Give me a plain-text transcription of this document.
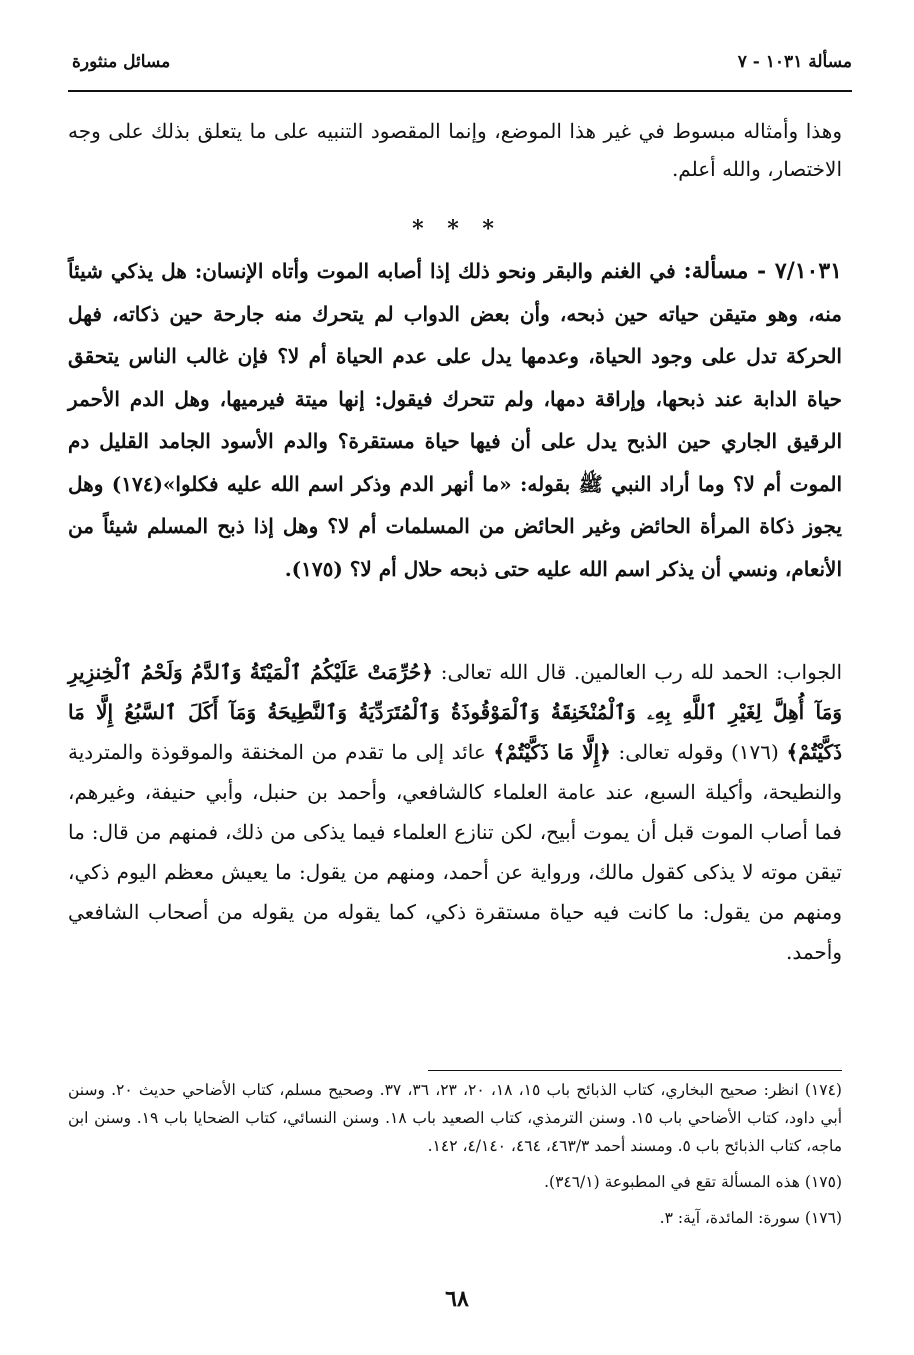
مسألة ١٠٣١ - ٧
مسائل منثورة

وهذا وأمثاله مبسوط في غير هذا الموضع، وإنما المقصود التنبيه على ما يتعلق بذلك على وجه الاختصار، والله أعلم.

* * *

٧/١٠٣١ - مسألة: في الغنم والبقر ونحو ذلك إذا أصابه الموت وأتاه الإنسان: هل يذكي شيئاً منه، وهو متيقن حياته حين ذبحه، وأن بعض الدواب لم يتحرك منه جارحة حين ذكاته، فهل الحركة تدل على وجود الحياة، وعدمها يدل على عدم الحياة أم لا؟ فإن غالب الناس يتحقق حياة الدابة عند ذبحها، وإراقة دمها، ولم تتحرك فيقول: إنها ميتة فيرميها، وهل الدم الأحمر الرقيق الجاري حين الذبح يدل على أن فيها حياة مستقرة؟ والدم الأسود الجامد القليل دم الموت أم لا؟ وما أراد النبي ﷺ بقوله: «ما أنهر الدم وذكر اسم الله عليه فكلوا»(١٧٤) وهل يجوز ذكاة المرأة الحائض وغير الحائض من المسلمات أم لا؟ وهل إذا ذبح المسلم شيئاً من الأنعام، ونسي أن يذكر اسم الله عليه حتى ذبحه حلال أم لا؟ (١٧٥).

الجواب: الحمد لله رب العالمين. قال الله تعالى: ﴿حُرِّمَتْ عَلَيْكُمُ ٱلْمَيْتَةُ وَٱلدَّمُ وَلَحْمُ ٱلْخِنزِيرِ وَمَآ أُهِلَّ لِغَيْرِ ٱللَّهِ بِهِۦ وَٱلْمُنْخَنِقَةُ وَٱلْمَوْقُوذَةُ وَٱلْمُتَرَدِّيَةُ وَٱلنَّطِيحَةُ وَمَآ أَكَلَ ٱلسَّبُعُ إِلَّا مَا ذَكَّيْتُمْ﴾ (١٧٦) وقوله تعالى: ﴿إِلَّا مَا ذَكَّيْتُمْ﴾ عائد إلى ما تقدم من المخنقة والموقوذة والمتردية والنطيحة، وأكيلة السبع، عند عامة العلماء كالشافعي، وأحمد بن حنبل، وأبي حنيفة، وغيرهم، فما أصاب الموت قبل أن يموت أبيح، لكن تنازع العلماء فيما يذكى من ذلك، فمنهم من قال: ما تيقن موته لا يذكى كقول مالك، ورواية عن أحمد، ومنهم من يقول: ما يعيش معظم اليوم ذكي، ومنهم من يقول: ما كانت فيه حياة مستقرة ذكي، كما يقوله من يقوله من أصحاب الشافعي وأحمد.

(١٧٤) انظر: صحيح البخاري، كتاب الذبائح باب ١٥، ١٨، ٢٠، ٢٣، ٣٦، ٣٧. وصحيح مسلم، كتاب الأضاحي حديث ٢٠. وسنن أبي داود، كتاب الأضاحي باب ١٥. وسنن الترمذي، كتاب الصعيد باب ١٨. وسنن النسائي، كتاب الضحايا باب ١٩. وسنن ابن ماجه، كتاب الذبائح باب ٥. ومسند أحمد ٤٦٣/٣، ٤٦٤، ٤/١٤٠، ١٤٢.

(١٧٥) هذه المسألة تقع في المطبوعة (٣٤٦/١).

(١٧٦) سورة: المائدة، آية: ٣.

٦٨
